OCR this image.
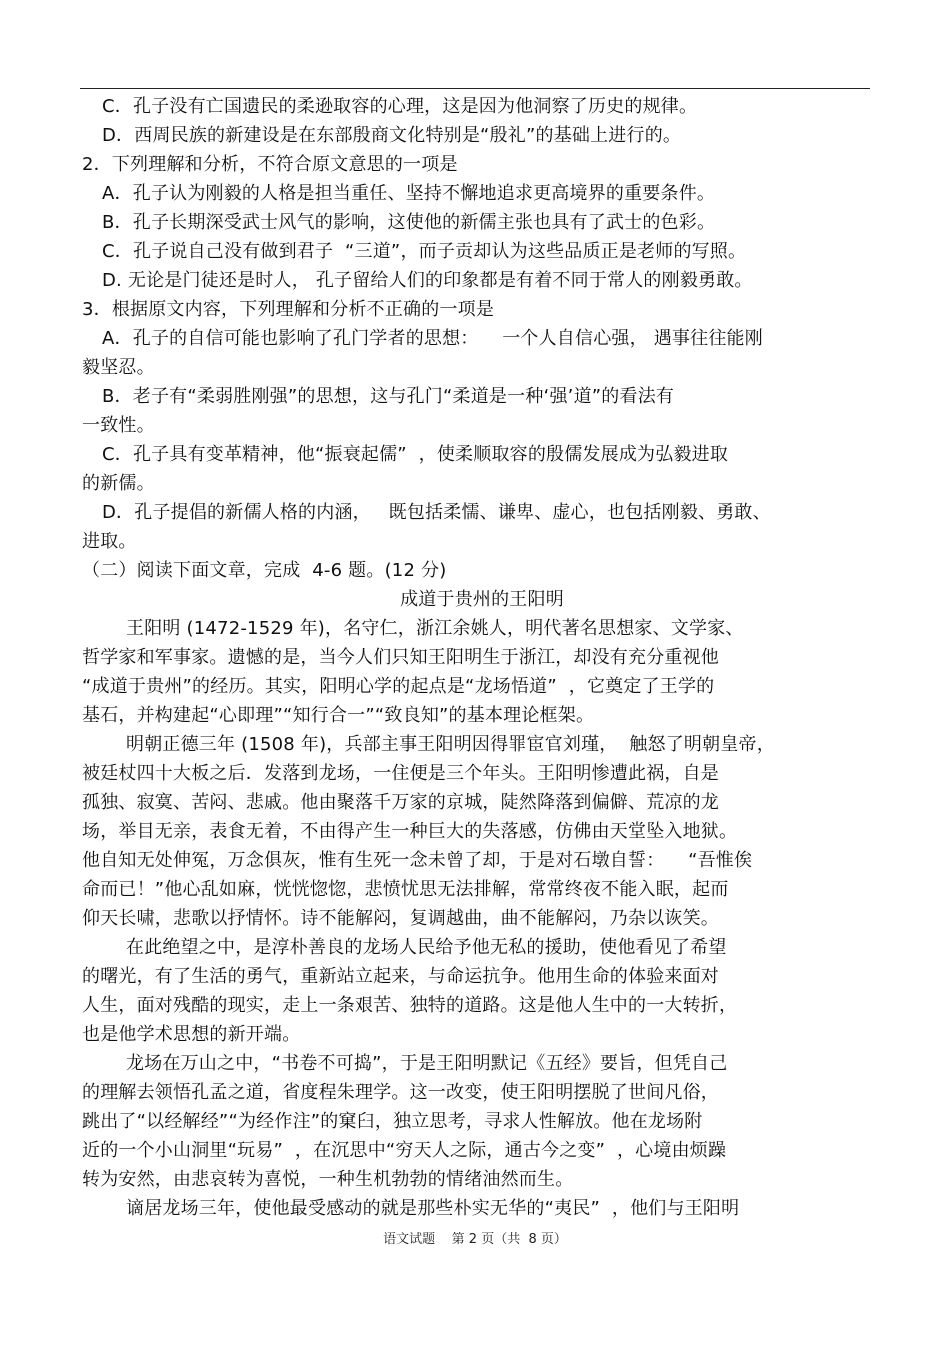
C．孔子没有亡国遗民的柔逊取容的心理，这是因为他洞察了历史的规律。
D．西周民族的新建设是在东部殷商文化特别是“殷礼”的基础上进行的。
2．下列理解和分析，不符合原文意思的一项是
A．孔子认为刚毅的人格是担当重任、坚持不懈地追求更高境界的重要条件。
B．孔子长期深受武士风气的影响，这使他的新儒主张也具有了武士的色彩。
C．孔子说自己没有做到君子  “三道”，而子贡却认为这些品质正是老师的写照。
D. 无论是门徒还是时人， 孔子留给人们的印象都是有着不同于常人的刚毅勇敢。
3．根据原文内容，下列理解和分析不正确的一项是
A．孔子的自信可能也影响了孔门学者的思想：    一个人自信心强， 遇事往往能刚
毅坚忍。
B．老子有“柔弱胜刚强”的思想，这与孔门“柔道是一种‘强’道”的看法有
一致性。
C．孔子具有变革精神，他“振衰起儒”  ，使柔顺取容的殷儒发展成为弘毅进取
的新儒。
D．孔子提倡的新儒人格的内涵，   既包括柔懦、谦卑、虚心，也包括刚毅、勇敢、
进取。
（二）阅读下面文章，完成  4-6 题。(12 分)
成道于贵州的王阳明
王阳明 (1472-1529 年)，名守仁，浙江余姚人，明代著名思想家、文学家、
哲学家和军事家。遗憾的是，当今人们只知王阳明生于浙江，却没有充分重视他
“成道于贵州”的经历。其实，阳明心学的起点是“龙场悟道”  ，它奠定了王学的
基石，并构建起“心即理”“知行合一”“致良知”的基本理论框架。
明朝正德三年 (1508 年)，兵部主事王阳明因得罪宦官刘瑾，  触怒了明朝皇帝，
被廷杖四十大板之后．发落到龙场，一住便是三个年头。王阳明惨遭此祸，自是
孤独、寂寞、苦闷、悲戚。他由聚落千万家的京城，陡然降落到偏僻、荒凉的龙
场，举目无亲，表食无着，不由得产生一种巨大的失落感，仿佛由天堂坠入地狱。
他自知无处伸冤，万念俱灰，惟有生死一念未曾了却，于是对石墩自誓：    “吾惟俟
命而已！”他心乱如麻，恍恍惚惚，悲愤忧思无法排解，常常终夜不能入眠，起而
仰天长啸，悲歌以抒情怀。诗不能解闷，复调越曲，曲不能解闷，乃杂以诙笑。
在此绝望之中，是淳朴善良的龙场人民给予他无私的援助，使他看见了希望
的曙光，有了生活的勇气，重新站立起来，与命运抗争。他用生命的体验来面对
人生，面对残酷的现实，走上一条艰苦、独特的道路。这是他人生中的一大转折，
也是他学术思想的新开端。
龙场在万山之中，“书卷不可捣”，于是王阳明默记《五经》要旨，但凭自己
的理解去领悟孔孟之道，省度程朱理学。这一改变，使王阳明摆脱了世间凡俗，
跳出了“以经解经”“为经作注”的窠臼，独立思考，寻求人性解放。他在龙场附
近的一个小山洞里“玩易”  ，在沉思中“穷天人之际，通古今之变”  ，心境由烦躁
转为安然，由悲哀转为喜悦，一种生机勃勃的情绪油然而生。
谪居龙场三年，使他最受感动的就是那些朴实无华的“夷民”  ，他们与王阳明
语文试题    第 2 页（共  8 页）
